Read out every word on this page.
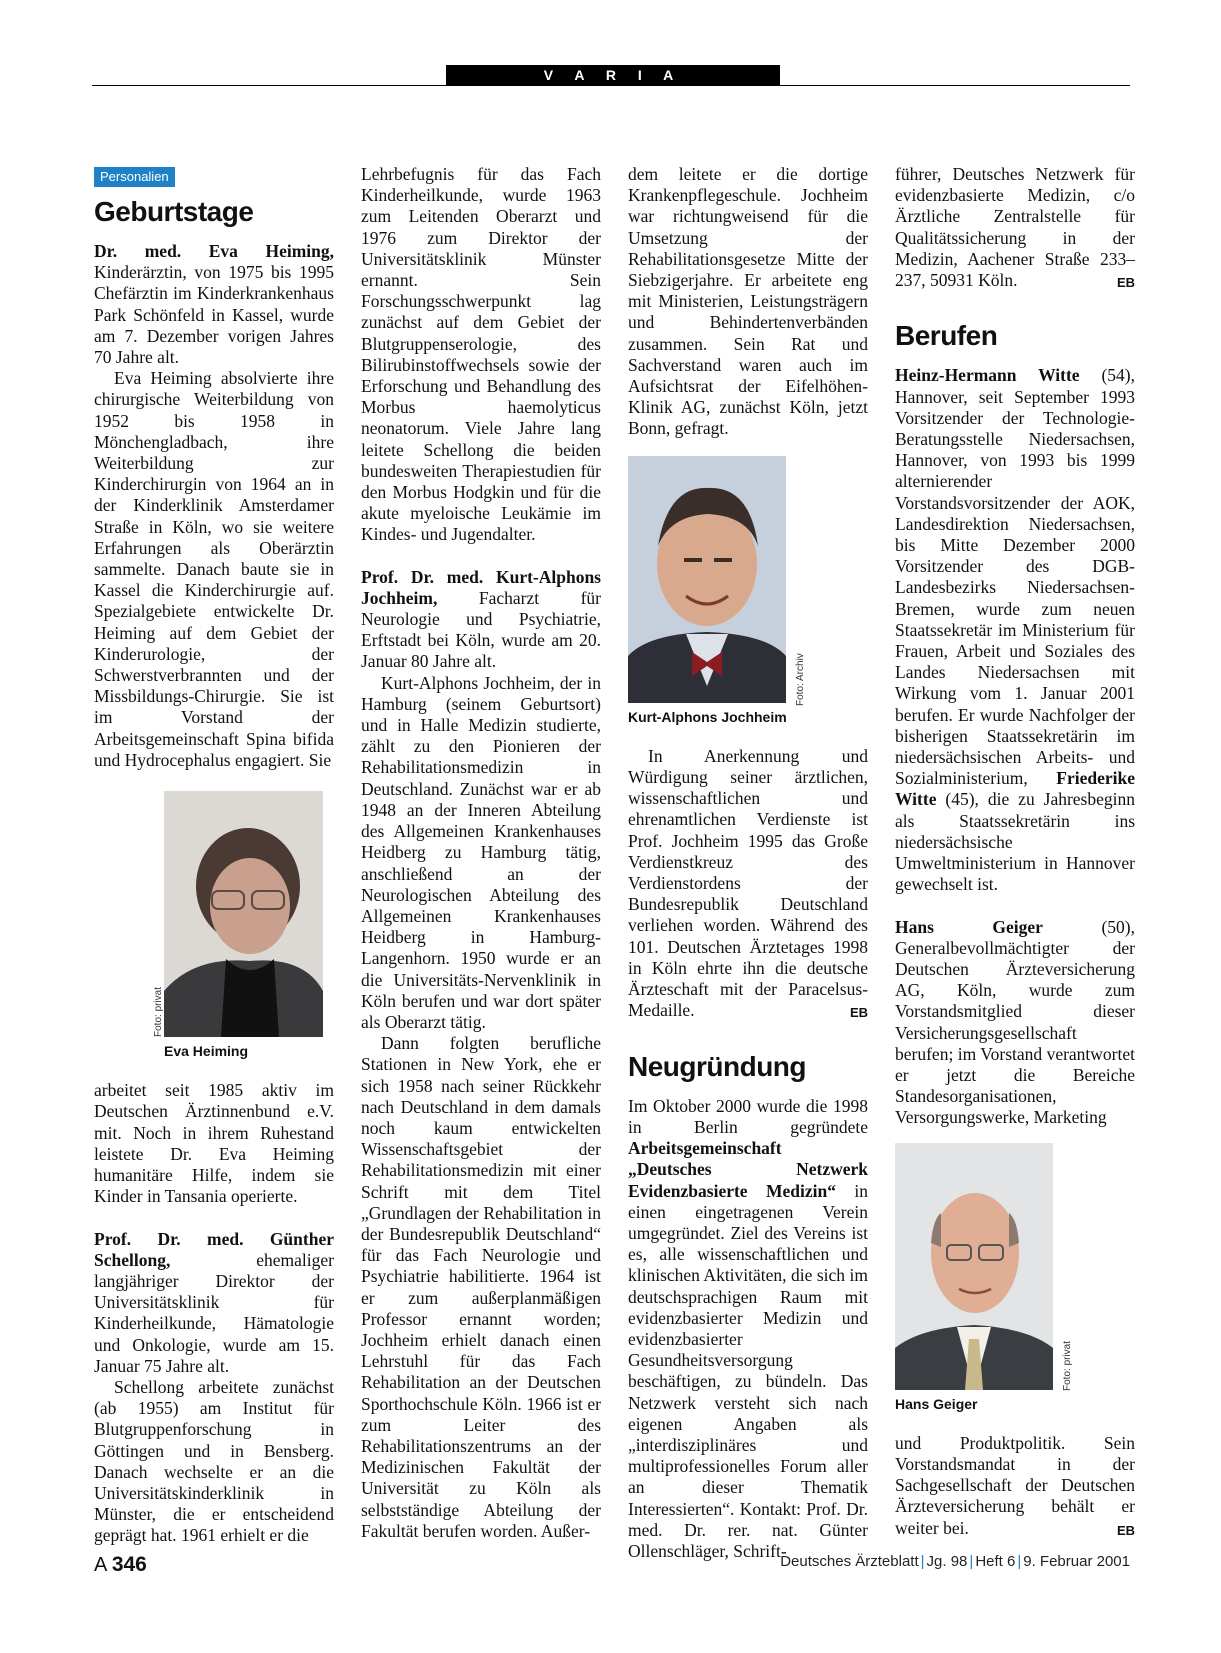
V A R I A
Personalien
Geburtstage

Dr. med. Eva Heiming, Kinderärztin, von 1975 bis 1995 Chefärztin im Kinderkrankenhaus Park Schönfeld in Kassel, wurde am 7. Dezember vorigen Jahres 70 Jahre alt.

Eva Heiming absolvierte ihre chirurgische Weiterbildung von 1952 bis 1958 in Mönchengladbach, ihre Weiterbildung zur Kinderchirurgin von 1964 an in der Kinderklinik Amsterdamer Straße in Köln, wo sie weitere Erfahrungen als Oberärztin sammelte. Danach baute sie in Kassel die Kinderchirurgie auf. Spezialgebiete entwickelte Dr. Heiming auf dem Gebiet der Kinderurologie, der Schwerstverbrannten und der Missbildungs-Chirurgie. Sie ist im Vorstand der Arbeitsgemeinschaft Spina bifida und Hydrocephalus engagiert. Sie

Foto: privat
Eva Heiming

arbeitet seit 1985 aktiv im Deutschen Ärztinnenbund e.V. mit. Noch in ihrem Ruhestand leistete Dr. Eva Heiming humanitäre Hilfe, indem sie Kinder in Tansania operierte.

Prof. Dr. med. Günther Schellong, ehemaliger langjähriger Direktor der Universitätsklinik für Kinderheilkunde, Hämatologie und Onkologie, wurde am 15. Januar 75 Jahre alt.

Schellong arbeitete zunächst (ab 1955) am Institut für Blutgruppenforschung in Göttingen und in Bensberg. Danach wechselte er an die Universitätskinderklinik in Münster, die er entscheidend geprägt hat. 1961 erhielt er die

Lehrbefugnis für das Fach Kinderheilkunde, wurde 1963 zum Leitenden Oberarzt und 1976 zum Direktor der Universitätsklinik Münster ernannt. Sein Forschungsschwerpunkt lag zunächst auf dem Gebiet der Blutgruppenserologie, des Bilirubinstoffwechsels sowie der Erforschung und Behandlung des Morbus haemolyticus neonatorum. Viele Jahre lang leitete Schellong die beiden bundesweiten Therapiestudien für den Morbus Hodgkin und für die akute myeloische Leukämie im Kindes- und Jugendalter.

Prof. Dr. med. Kurt-Alphons Jochheim, Facharzt für Neurologie und Psychiatrie, Erftstadt bei Köln, wurde am 20. Januar 80 Jahre alt.

Kurt-Alphons Jochheim, der in Hamburg (seinem Geburtsort) und in Halle Medizin studierte, zählt zu den Pionieren der Rehabilitationsmedizin in Deutschland. Zunächst war er ab 1948 an der Inneren Abteilung des Allgemeinen Krankenhauses Heidberg zu Hamburg tätig, anschließend an der Neurologischen Abteilung des Allgemeinen Krankenhauses Heidberg in Hamburg-Langenhorn. 1950 wurde er an die Universitäts-Nervenklinik in Köln berufen und war dort später als Oberarzt tätig.

Dann folgten berufliche Stationen in New York, ehe er sich 1958 nach seiner Rückkehr nach Deutschland in dem damals noch kaum entwickelten Wissenschaftsgebiet der Rehabilitationsmedizin mit einer Schrift mit dem Titel „Grundlagen der Rehabilitation in der Bundesrepublik Deutschland“ für das Fach Neurologie und Psychiatrie habilitierte. 1964 ist er zum außerplanmäßigen Professor ernannt worden; Jochheim erhielt danach einen Lehrstuhl für das Fach Rehabilitation an der Deutschen Sporthochschule Köln. 1966 ist er zum Leiter des Rehabilitationszentrums an der Medizinischen Fakultät der Universität zu Köln als selbstständige Abteilung der Fakultät berufen worden. Außer-

dem leitete er die dortige Krankenpflegeschule. Jochheim war richtungweisend für die Umsetzung der Rehabilitationsgesetze Mitte der Siebzigerjahre. Er arbeitete eng mit Ministerien, Leistungsträgern und Behindertenverbänden zusammen. Sein Rat und Sachverstand waren auch im Aufsichtsrat der Eifelhöhen-Klinik AG, zunächst Köln, jetzt Bonn, gefragt.

Foto: Archiv
Kurt-Alphons Jochheim

In Anerkennung und Würdigung seiner ärztlichen, wissenschaftlichen und ehrenamtlichen Verdienste ist Prof. Jochheim 1995 das Große Verdienstkreuz des Verdienstordens der Bundesrepublik Deutschland verliehen worden. Während des 101. Deutschen Ärztetages 1998 in Köln ehrte ihn die deutsche Ärzteschaft mit der Paracelsus-Medaille.	EB
Neugründung

Im Oktober 2000 wurde die 1998 in Berlin gegründete Arbeitsgemeinschaft „Deutsches Netzwerk Evidenzbasierte Medizin“ in einen eingetragenen Verein umgegründet. Ziel des Vereins ist es, alle wissenschaftlichen und klinischen Aktivitäten, die sich im deutschsprachigen Raum mit evidenzbasierter Medizin und evidenzbasierter Gesundheitsversorgung beschäftigen, zu bündeln. Das Netzwerk versteht sich nach eigenen Angaben als „interdisziplinäres und multiprofessionelles Forum aller an dieser Thematik Interessierten“. Kontakt: Prof. Dr. med. Dr. rer. nat. Günter Ollenschläger, Schrift-

führer, Deutsches Netzwerk für evidenzbasierte Medizin, c/o Ärztliche Zentralstelle für Qualitätssicherung in der Medizin, Aachener Straße 233–237, 50931 Köln.	EB
Berufen

Heinz-Hermann Witte (54), Hannover, seit September 1993 Vorsitzender der Technologie-Beratungsstelle Niedersachsen, Hannover, von 1993 bis 1999 alternierender Vorstandsvorsitzender der AOK, Landesdirektion Niedersachsen, bis Mitte Dezember 2000 Vorsitzender des DGB-Landesbezirks Niedersachsen-Bremen, wurde zum neuen Staatssekretär im Ministerium für Frauen, Arbeit und Soziales des Landes Niedersachsen mit Wirkung vom 1. Januar 2001 berufen. Er wurde Nachfolger der bisherigen Staatssekretärin im niedersächsischen Arbeits- und Sozialministerium, Friederike Witte (45), die zu Jahresbeginn als Staatssekretärin ins niedersächsische Umweltministerium in Hannover gewechselt ist.

Hans Geiger (50), Generalbevollmächtigter der Deutschen Ärzteversicherung AG, Köln, wurde zum Vorstandsmitglied dieser Versicherungsgesellschaft berufen; im Vorstand verantwortet er jetzt die Bereiche Standesorganisationen, Versorgungswerke, Marketing

Foto: privat
Hans Geiger

und Produktpolitik. Sein Vorstandsmandat in der Sachgesellschaft der Deutschen Ärzteversicherung behält er weiter bei.	EB
A 346	Deutsches Ärzteblatt | Jg. 98 | Heft 6 | 9. Februar 2001
